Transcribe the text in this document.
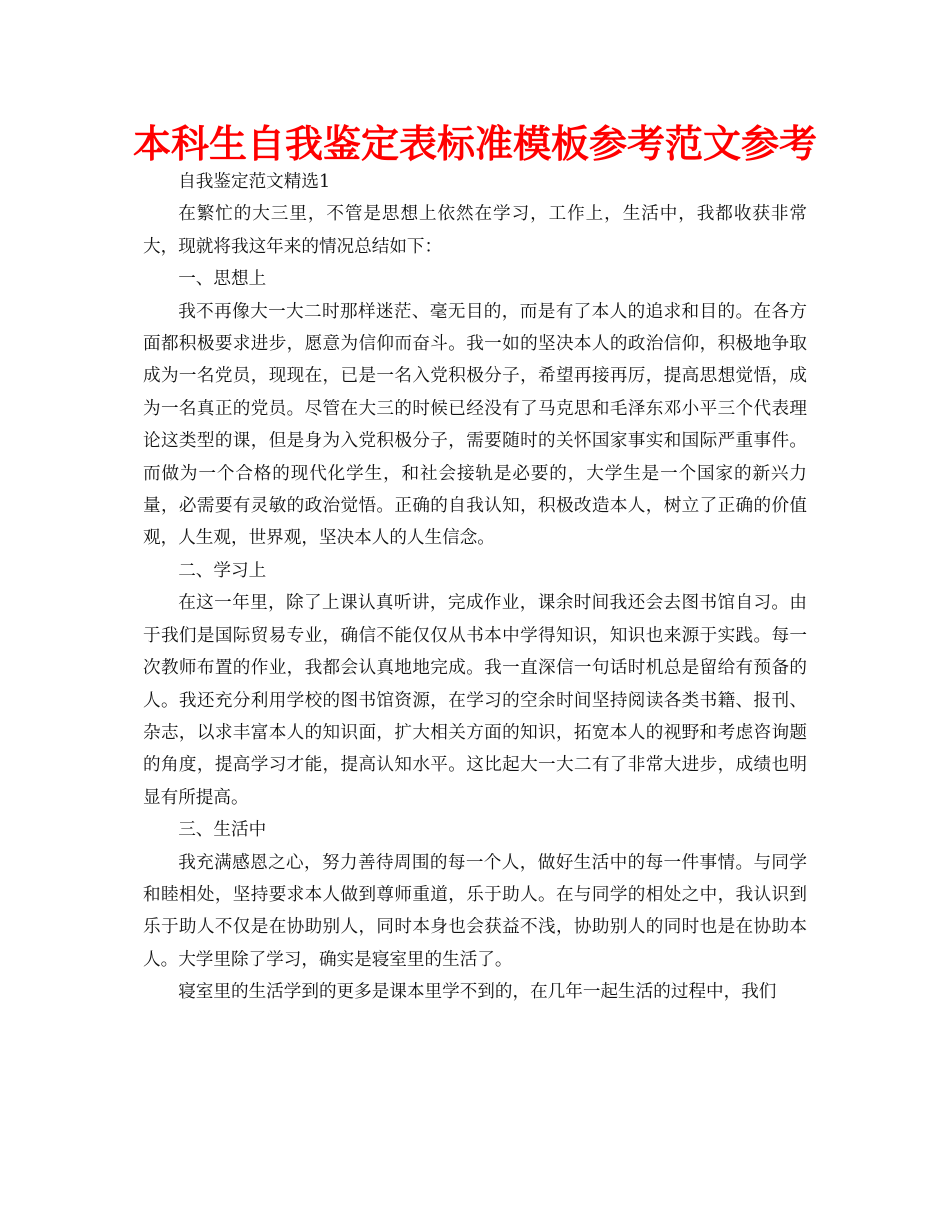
本科生自我鉴定表标准模板参考范文参考

自我鉴定范文精选1

在繁忙的大三里，不管是思想上依然在学习，工作上，生活中，我都收获非常大，现就将我这年来的情况总结如下：

一、思想上

我不再像大一大二时那样迷茫、毫无目的，而是有了本人的追求和目的。在各方面都积极要求进步，愿意为信仰而奋斗。我一如的坚决本人的政治信仰，积极地争取成为一名党员，现现在，已是一名入党积极分子，希望再接再厉，提高思想觉悟，成为一名真正的党员。尽管在大三的时候已经没有了马克思和毛泽东邓小平三个代表理论这类型的课，但是身为入党积极分子，需要随时的关怀国家事实和国际严重事件。而做为一个合格的现代化学生，和社会接轨是必要的，大学生是一个国家的新兴力量，必需要有灵敏的政治觉悟。正确的自我认知，积极改造本人，树立了正确的价值观，人生观，世界观，坚决本人的人生信念。

二、学习上

在这一年里，除了上课认真听讲，完成作业，课余时间我还会去图书馆自习。由于我们是国际贸易专业，确信不能仅仅从书本中学得知识，知识也来源于实践。每一次教师布置的作业，我都会认真地地完成。我一直深信一句话时机总是留给有预备的人。我还充分利用学校的图书馆资源，在学习的空余时间坚持阅读各类书籍、报刊、杂志，以求丰富本人的知识面，扩大相关方面的知识，拓宽本人的视野和考虑咨询题的角度，提高学习才能，提高认知水平。这比起大一大二有了非常大进步，成绩也明显有所提高。

三、生活中

我充满感恩之心，努力善待周围的每一个人，做好生活中的每一件事情。与同学和睦相处，坚持要求本人做到尊师重道，乐于助人。在与同学的相处之中，我认识到乐于助人不仅是在协助别人，同时本身也会获益不浅，协助别人的同时也是在协助本人。大学里除了学习，确实是寝室里的生活了。

寝室里的生活学到的更多是课本里学不到的，在几年一起生活的过程中，我们
